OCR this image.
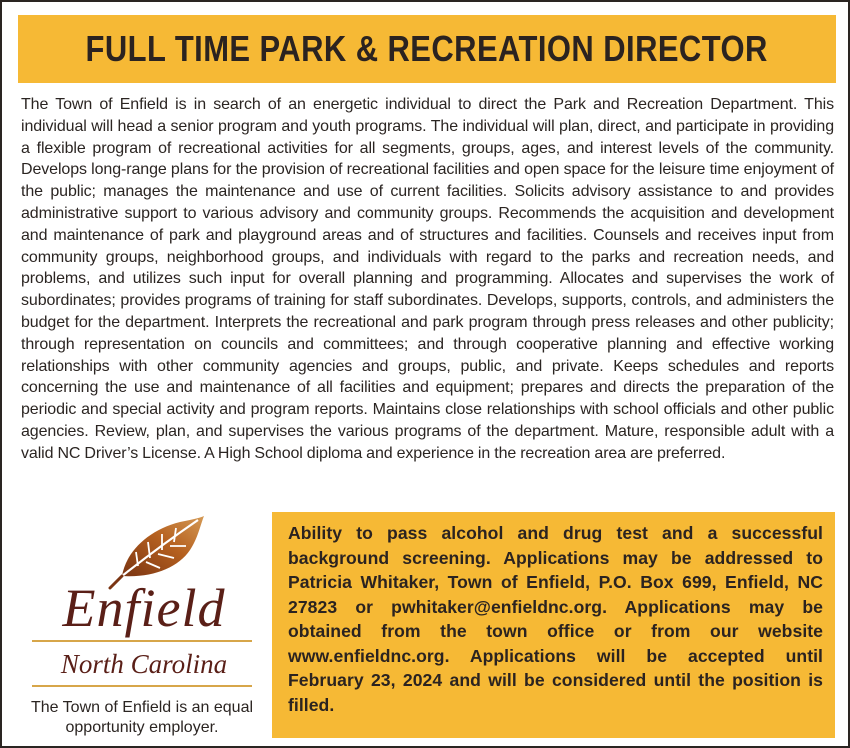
FULL TIME PARK & RECREATION DIRECTOR

The Town of Enfield is in search of an energetic individual to direct the Park and Recreation Department. This individual will head a senior program and youth programs. The individual will plan, direct, and participate in providing a flexible program of recreational activities for all segments, groups, ages, and interest levels of the community. Develops long-range plans for the provision of recreational facilities and open space for the leisure time enjoyment of the public; manages the maintenance and use of current facilities. Solicits advisory assistance to and provides administrative support to various advisory and community groups. Recommends the acquisition and development and maintenance of park and playground areas and of structures and facilities. Counsels and receives input from community groups, neighborhood groups, and individuals with regard to the parks and recreation needs, and problems, and utilizes such input for overall planning and programming. Allocates and supervises the work of subordinates; provides programs of training for staff subordinates. Develops, supports, controls, and administers the budget for the department. Interprets the recreational and park program through press releases and other publicity; through representation on councils and committees; and through cooperative planning and effective working relationships with other community agencies and groups, public, and private. Keeps schedules and reports concerning the use and maintenance of all facilities and equipment; prepares and directs the preparation of the periodic and special activity and program reports. Maintains close relationships with school officials and other public agencies. Review, plan, and supervises the various programs of the department. Mature, responsible adult with a valid NC Driver’s License. A High School diploma and experience in the recreation area are preferred.

Enfield
North Carolina

The Town of Enfield is an equal opportunity employer.

Ability to pass alcohol and drug test and a successful background screening. Applications may be addressed to Patricia Whitaker, Town of Enfield, P.O. Box 699, Enfield, NC 27823 or pwhitaker@enfieldnc.org. Applications may be obtained from the town office or from our website www.enfieldnc.org. Applications will be accepted until February 23, 2024 and will be considered until the position is filled.
